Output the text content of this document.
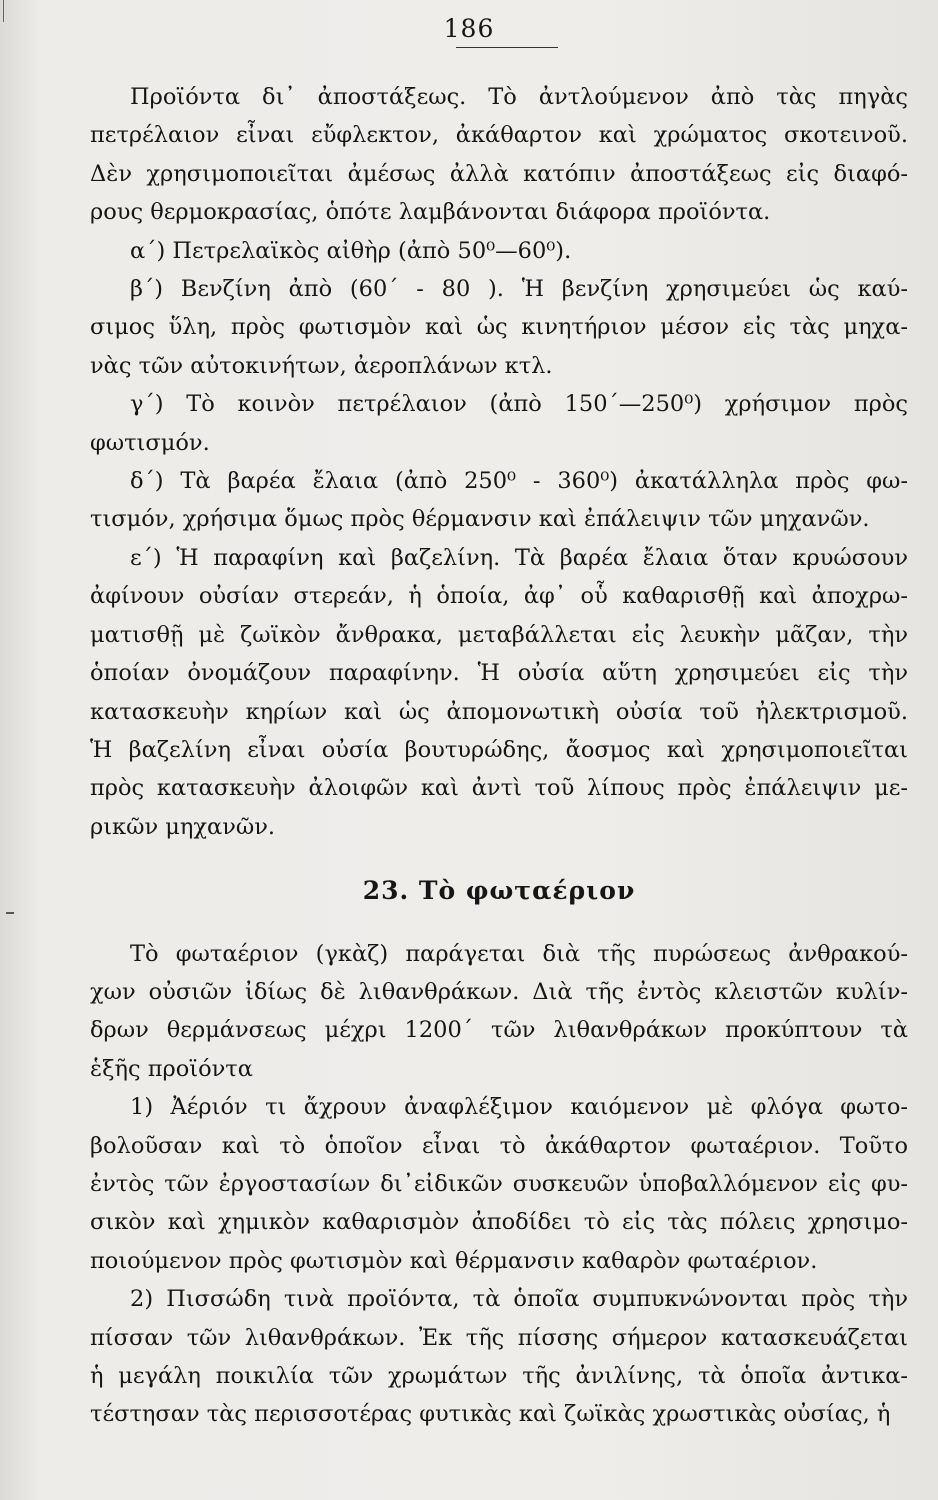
186
Προϊόντα δι᾽ ἀποστάξεως. Τὸ ἀντλούμενον ἀπὸ τὰς πηγὰς
πετρέλαιον εἶναι εὔφλεκτον, ἀκάθαρτον καὶ χρώματος σκοτεινοῦ.
Δὲν χρησιμοποιεῖται ἀμέσως ἀλλὰ κατόπιν ἀποστάξεως εἰς διαφό-
ρους θερμοκρασίας, ὁπότε λαμβάνονται διάφορα προϊόντα.
α΄) Πετρελαϊκὸς αἰθὴρ (ἀπὸ 50⁰—60⁰).
β΄) Βενζίνη ἀπὸ (60΄ - 80 ). Ἡ βενζίνη χρησιμεύει ὡς καύ-
σιμος ὕλη, πρὸς φωτισμὸν καὶ ὡς κινητήριον μέσον εἰς τὰς μηχα-
νὰς τῶν αὐτοκινήτων, ἀεροπλάνων κτλ.
γ΄) Τὸ κοινὸν πετρέλαιον (ἀπὸ 150΄—250⁰) χρήσιμον πρὸς
φωτισμόν.
δ΄) Τὰ βαρέα ἔλαια (ἀπὸ 250⁰ - 360⁰) ἀκατάλληλα πρὸς φω-
τισμόν, χρήσιμα ὅμως πρὸς θέρμανσιν καὶ ἐπάλειψιν τῶν μηχανῶν.
ε΄) Ἡ παραφίνη καὶ βαζελίνη. Τὰ βαρέα ἔλαια ὅταν κρυώσουν
ἀφίνουν οὐσίαν στερεάν, ἡ ὁποία, ἀφ᾽ οὗ καθαρισθῇ καὶ ἀποχρω-
ματισθῇ μὲ ζωϊκὸν ἄνθρακα, μεταβάλλεται εἰς λευκὴν μᾶζαν, τὴν
ὁποίαν ὀνομάζουν παραφίνην. Ἡ οὐσία αὕτη χρησιμεύει εἰς τὴν
κατασκευὴν κηρίων καὶ ὡς ἀπομονωτικὴ οὐσία τοῦ ἠλεκτρισμοῦ.
Ἡ βαζελίνη εἶναι οὐσία βουτυρώδης, ἄοσμος καὶ χρησιμοποιεῖται
πρὸς κατασκευὴν ἀλοιφῶν καὶ ἀντὶ τοῦ λίπους πρὸς ἐπάλειψιν με-
ρικῶν μηχανῶν.
23. Τὸ φωταέριον
Τὸ φωταέριον (γκὰζ) παράγεται διὰ τῆς πυρώσεως ἀνθρακού-
χων οὐσιῶν ἰδίως δὲ λιθανθράκων. Διὰ τῆς ἐντὸς κλειστῶν κυλίν-
δρων θερμάνσεως μέχρι 1200΄ τῶν λιθανθράκων προκύπτουν τὰ
ἑξῆς προϊόντα
1) Ἀέριόν τι ἄχρουν ἀναφλέξιμον καιόμενον μὲ φλόγα φωτο-
βολοῦσαν καὶ τὸ ὁποῖον εἶναι τὸ ἀκάθαρτον φωταέριον. Τοῦτο
ἐντὸς τῶν ἐργοστασίων δι᾽εἰδικῶν συσκευῶν ὑποβαλλόμενον εἰς φυ-
σικὸν καὶ χημικὸν καθαρισμὸν ἀποδίδει τὸ εἰς τὰς πόλεις χρησιμο-
ποιούμενον πρὸς φωτισμὸν καὶ θέρμανσιν καθαρὸν φωταέριον.
2) Πισσώδη τινὰ προϊόντα, τὰ ὁποῖα συμπυκνώνονται πρὸς τὴν
πίσσαν τῶν λιθανθράκων. Ἐκ τῆς πίσσης σήμερον κατασκευάζεται
ἡ μεγάλη ποικιλία τῶν χρωμάτων τῆς ἀνιλίνης, τὰ ὁποῖα ἀντικα-
τέστησαν τὰς περισσοτέρας φυτικὰς καὶ ζωϊκὰς χρωστικὰς οὐσίας, ἡ
